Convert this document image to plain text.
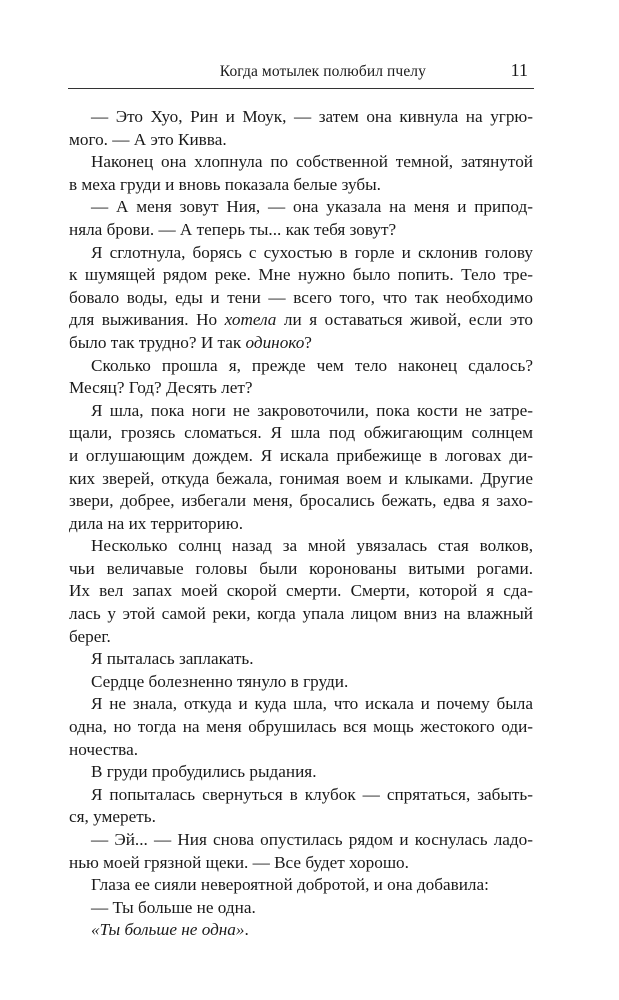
Когда мотылек полюбил пчелу	11
— Это Хуо, Рин и Моук, — затем она кивнула на угрю-
мого. — А это Кивва.
Наконец она хлопнула по собственной темной, затянутой
в меха груди и вновь показала белые зубы.
— А меня зовут Ния, — она указала на меня и припод-
няла брови. — А теперь ты... как тебя зовут?
Я сглотнула, борясь с сухостью в горле и склонив голову
к шумящей рядом реке. Мне нужно было попить. Тело тре-
бовало воды, еды и тени — всего того, что так необходимо
для выживания. Но хотела ли я оставаться живой, если это
было так трудно? И так одиноко?
Сколько прошла я, прежде чем тело наконец сдалось?
Месяц? Год? Десять лет?
Я шла, пока ноги не закровоточили, пока кости не затре-
щали, грозясь сломаться. Я шла под обжигающим солнцем
и оглушающим дождем. Я искала прибежище в логовах ди-
ких зверей, откуда бежала, гонимая воем и клыками. Другие
звери, добрее, избегали меня, бросались бежать, едва я захо-
дила на их территорию.
Несколько солнц назад за мной увязалась стая волков,
чьи величавые головы были коронованы витыми рогами.
Их вел запах моей скорой смерти. Смерти, которой я сда-
лась у этой самой реки, когда упала лицом вниз на влажный
берег.
Я пыталась заплакать.
Сердце болезненно тянуло в груди.
Я не знала, откуда и куда шла, что искала и почему была
одна, но тогда на меня обрушилась вся мощь жестокого оди-
ночества.
В груди пробудились рыдания.
Я попыталась свернуться в клубок — спрятаться, забыть-
ся, умереть.
— Эй... — Ния снова опустилась рядом и коснулась ладо-
нью моей грязной щеки. — Все будет хорошо.
Глаза ее сияли невероятной добротой, и она добавила:
— Ты больше не одна.
«Ты больше не одна».
